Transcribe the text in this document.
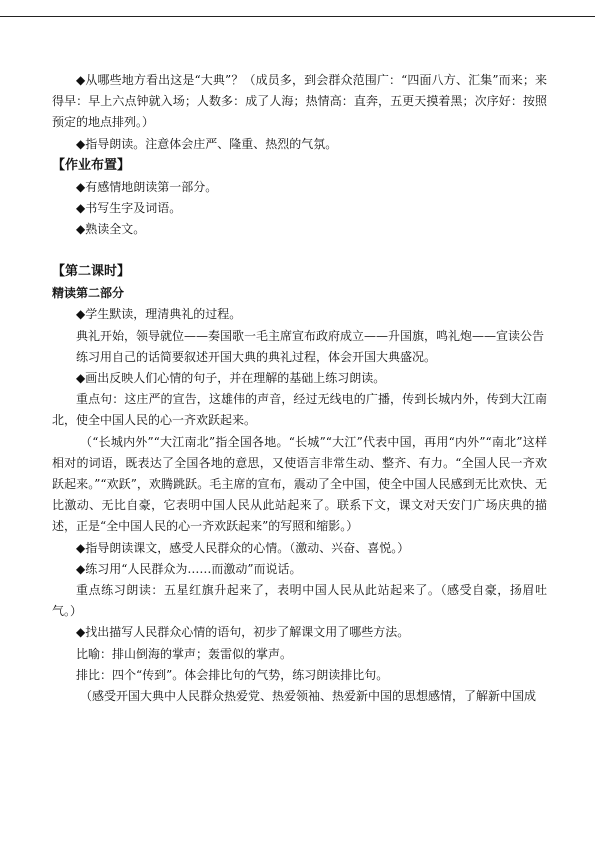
◆从哪些地方看出这是“大典”？（成员多，到会群众范围广：“四面八方、汇集”而来；来得早：早上六点钟就入场；人数多：成了人海；热情高：直奔，五更天摸着黑；次序好：按照预定的地点排列。）

◆指导朗读。注意体会庄严、隆重、热烈的气氛。

【作业布置】

◆有感情地朗读第一部分。

◆书写生字及词语。

◆熟读全文。

【第二课时】
精读第二部分

◆学生默读，理清典礼的过程。

典礼开始，领导就位——奏国歌一毛主席宣布政府成立——升国旗，鸣礼炮——宣读公告

练习用自己的话简要叙述开国大典的典礼过程，体会开国大典盛况。

◆画出反映人们心情的句子，并在理解的基础上练习朗读。

重点句：这庄严的宣告，这雄伟的声音，经过无线电的广播，传到长城内外，传到大江南北，使全中国人民的心一齐欢跃起来。

（“长城内外”“大江南北”指全国各地。“长城”“大江”代表中国，再用“内外”“南北”这样相对的词语，既表达了全国各地的意思，又使语言非常生动、整齐、有力。“全国人民一齐欢跃起来。”“欢跃”，欢腾跳跃。毛主席的宣布，震动了全中国，使全中国人民感到无比欢快、无比激动、无比自豪，它表明中国人民从此站起来了。联系下文，课文对天安门广场庆典的描述，正是“全中国人民的心一齐欢跃起来”的写照和缩影。）

◆指导朗读课文，感受人民群众的心情。（激动、兴奋、喜悦。）

◆练习用“人民群众为……而激动”而说话。

重点练习朗读：五星红旗升起来了，表明中国人民从此站起来了。（感受自豪，扬眉吐气。）

◆找出描写人民群众心情的语句，初步了解课文用了哪些方法。

比喻：排山倒海的掌声；轰雷似的掌声。

排比：四个“传到”。体会排比句的气势，练习朗读排比句。

（感受开国大典中人民群众热爱党、热爱领袖、热爱新中国的思想感情，了解新中国成
